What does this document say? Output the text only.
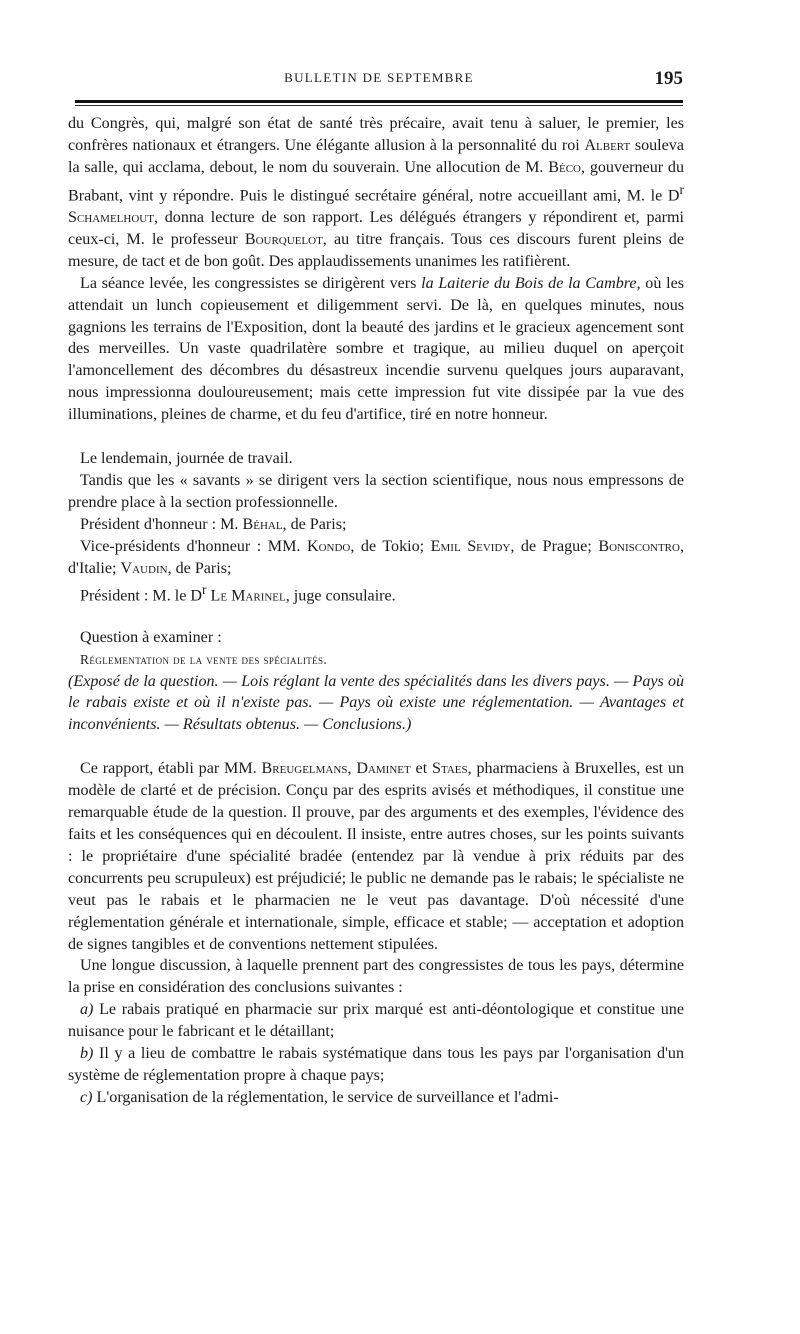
BULLETIN DE SEPTEMBRE	195

du Congrès, qui, malgré son état de santé très précaire, avait tenu à saluer, le premier, les confrères nationaux et étrangers. Une élégante allusion à la personnalité du roi Albert souleva la salle, qui acclama, debout, le nom du souverain. Une allocution de M. Béco, gouverneur du Brabant, vint y répondre. Puis le distingué secrétaire général, notre accueillant ami, M. le $D^r$ Schamelhout, donna lecture de son rapport. Les délégués étrangers y répondirent et, parmi ceux-ci, M. le professeur Bourquelot, au titre français. Tous ces discours furent pleins de mesure, de tact et de bon goût. Des applaudissements unanimes les ratifièrent.

La séance levée, les congressistes se dirigèrent vers la Laiterie du Bois de la Cambre, où les attendait un lunch copieusement et diligemment servi. De là, en quelques minutes, nous gagnions les terrains de l'Exposition, dont la beauté des jardins et le gracieux agencement sont des merveilles. Un vaste quadrilatère sombre et tragique, au milieu duquel on aperçoit l'amoncellement des décombres du désastreux incendie survenu quelques jours auparavant, nous impressionna douloureusement; mais cette impression fut vite dissipée par la vue des illuminations, pleines de charme, et du feu d'artifice, tiré en notre honneur.

Le lendemain, journée de travail.

Tandis que les « savants » se dirigent vers la section scientifique, nous nous empressons de prendre place à la section professionnelle.

Président d'honneur : M. Béhal, de Paris;

Vice-présidents d'honneur : MM. Kondo, de Tokio; Emil Sevidy, de Prague; Boniscontro, d'Italie; Vaudin, de Paris;

Président : M. le $D^r$ Le Marinel, juge consulaire.

Question à examiner :

Réglementation de la vente des spécialités.

(Exposé de la question. — Lois réglant la vente des spécialités dans les divers pays. — Pays où le rabais existe et où il n'existe pas. — Pays où existe une réglementation. — Avantages et inconvénients. — Résultats obtenus. — Conclusions.)

Ce rapport, établi par MM. Breugelmans, Daminet et Staes, pharmaciens à Bruxelles, est un modèle de clarté et de précision. Conçu par des esprits avisés et méthodiques, il constitue une remarquable étude de la question. Il prouve, par des arguments et des exemples, l'évidence des faits et les conséquences qui en découlent. Il insiste, entre autres choses, sur les points suivants : le propriétaire d'une spécialité bradée (entendez par là vendue à prix réduits par des concurrents peu scrupuleux) est préjudicié; le public ne demande pas le rabais; le spécialiste ne veut pas le rabais et le pharmacien ne le veut pas davantage. D'où nécessité d'une réglementation générale et internationale, simple, efficace et stable; — acceptation et adoption de signes tangibles et de conventions nettement stipulées.

Une longue discussion, à laquelle prennent part des congressistes de tous les pays, détermine la prise en considération des conclusions suivantes :

a) Le rabais pratiqué en pharmacie sur prix marqué est anti-déontologique et constitue une nuisance pour le fabricant et le détaillant;

b) Il y a lieu de combattre le rabais systématique dans tous les pays par l'organisation d'un système de réglementation propre à chaque pays;

c) L'organisation de la réglementation, le service de surveillance et l'admi-
